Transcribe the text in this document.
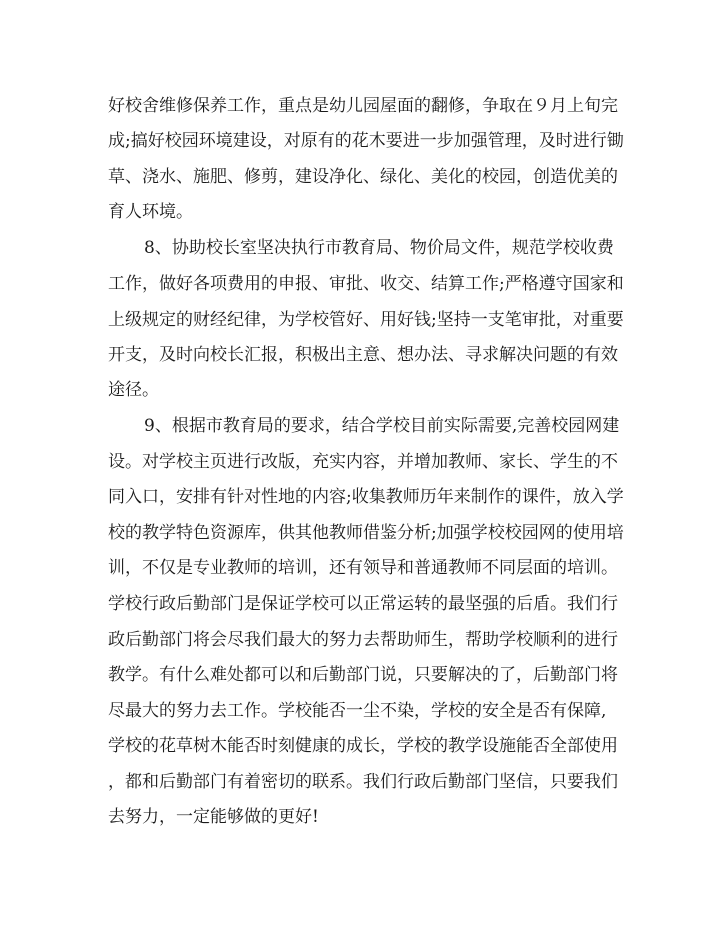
好校舍维修保养工作，重点是幼儿园屋面的翻修，争取在９月上旬完
成;搞好校园环境建设，对原有的花木要进一步加强管理，及时进行锄
草、浇水、施肥、修剪，建设净化、绿化、美化的校园，创造优美的
育人环境。
8、协助校长室坚决执行市教育局、物价局文件，规范学校收费
工作，做好各项费用的申报、审批、收交、结算工作;严格遵守国家和
上级规定的财经纪律，为学校管好、用好钱;坚持一支笔审批，对重要
开支，及时向校长汇报，积极出主意、想办法、寻求解决问题的有效
途径。
9、根据市教育局的要求，结合学校目前实际需要,完善校园网建
设。对学校主页进行改版，充实内容，并增加教师、家长、学生的不
同入口，安排有针对性地的内容;收集教师历年来制作的课件，放入学
校的教学特色资源库，供其他教师借鉴分析;加强学校校园网的使用培
训，不仅是专业教师的培训，还有领导和普通教师不同层面的培训。
学校行政后勤部门是保证学校可以正常运转的最坚强的后盾。我们行
政后勤部门将会尽我们最大的努力去帮助师生，帮助学校顺利的进行
教学。有什么难处都可以和后勤部门说，只要解决的了，后勤部门将
尽最大的努力去工作。学校能否一尘不染，学校的安全是否有保障,
学校的花草树木能否时刻健康的成长，学校的教学设施能否全部使用
，都和后勤部门有着密切的联系。我们行政后勤部门坚信，只要我们
去努力，一定能够做的更好!
